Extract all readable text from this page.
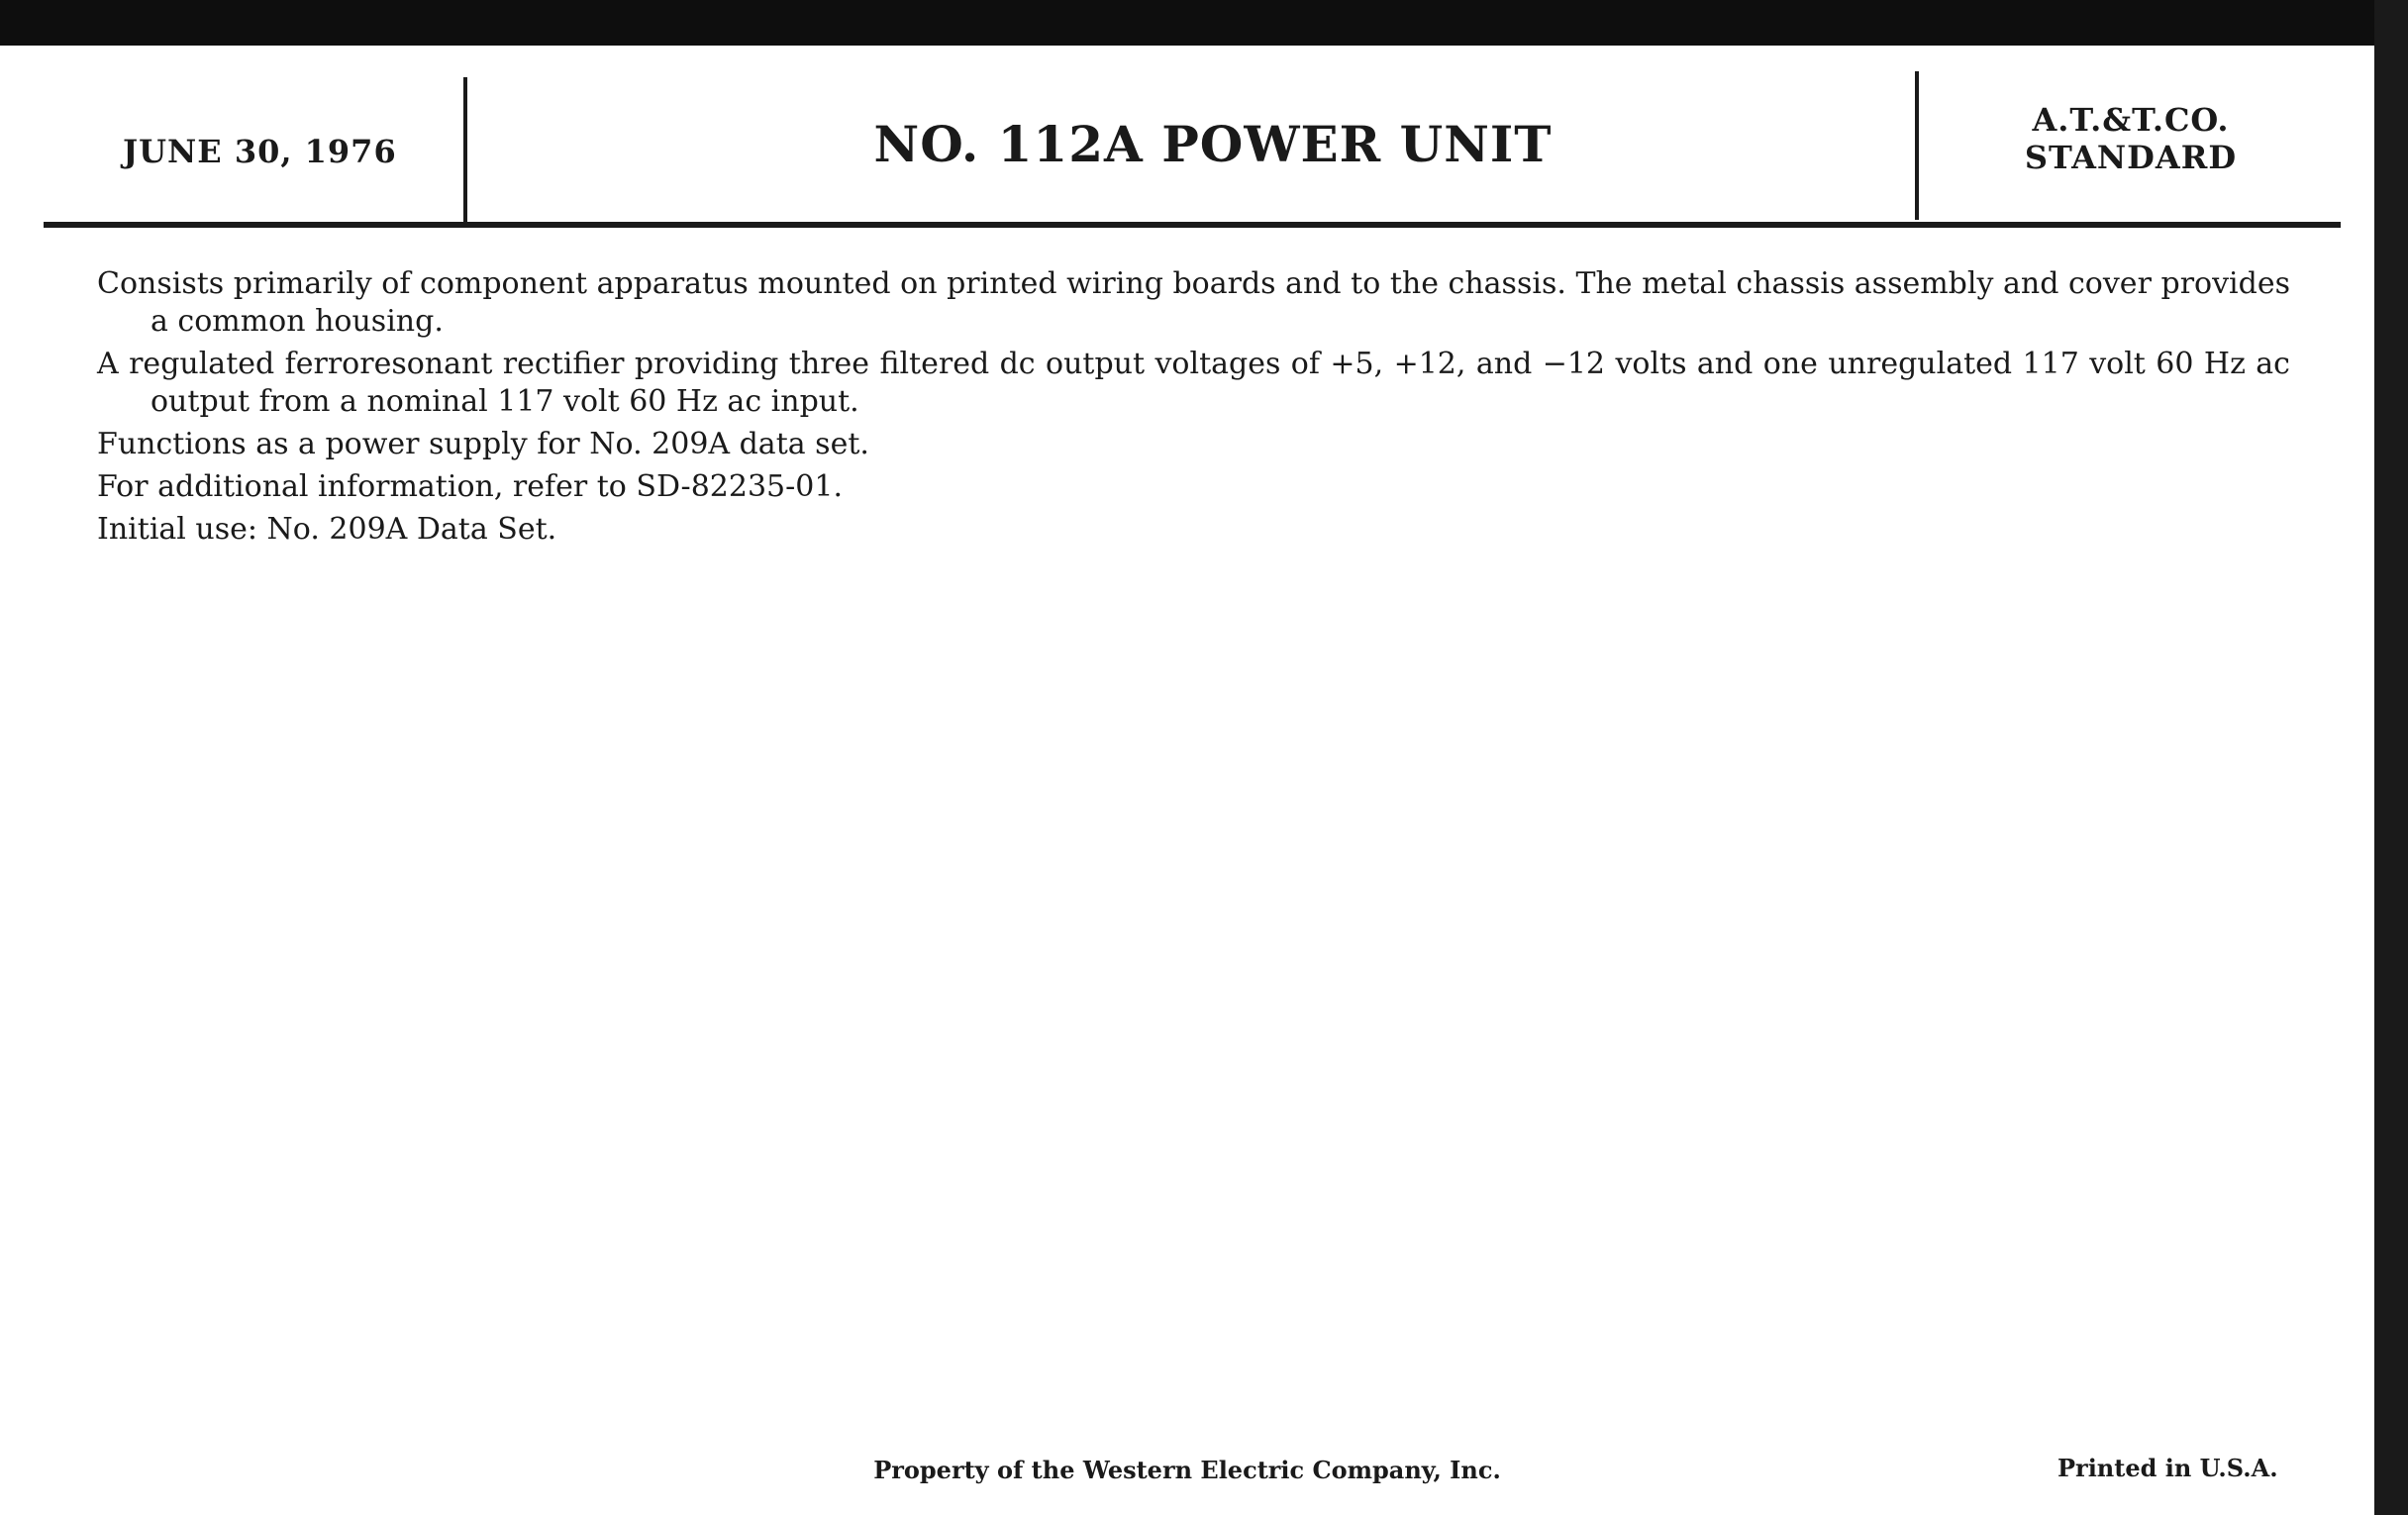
JUNE 30, 1976	NO. 112A POWER UNIT	A.T.&T.CO.
STANDARD

Consists primarily of component apparatus mounted on printed wiring boards and to the chassis. The metal chassis assembly and cover provides a common housing.

A regulated ferroresonant rectifier providing three filtered dc output voltages of +5, +12, and −12 volts and one unregulated 117 volt 60 Hz ac output from a nominal 117 volt 60 Hz ac input.

Functions as a power supply for No. 209A data set.

For additional information, refer to SD-82235-01.

Initial use: No. 209A Data Set.

Property of the Western Electric Company, Inc.	Printed in U.S.A.
